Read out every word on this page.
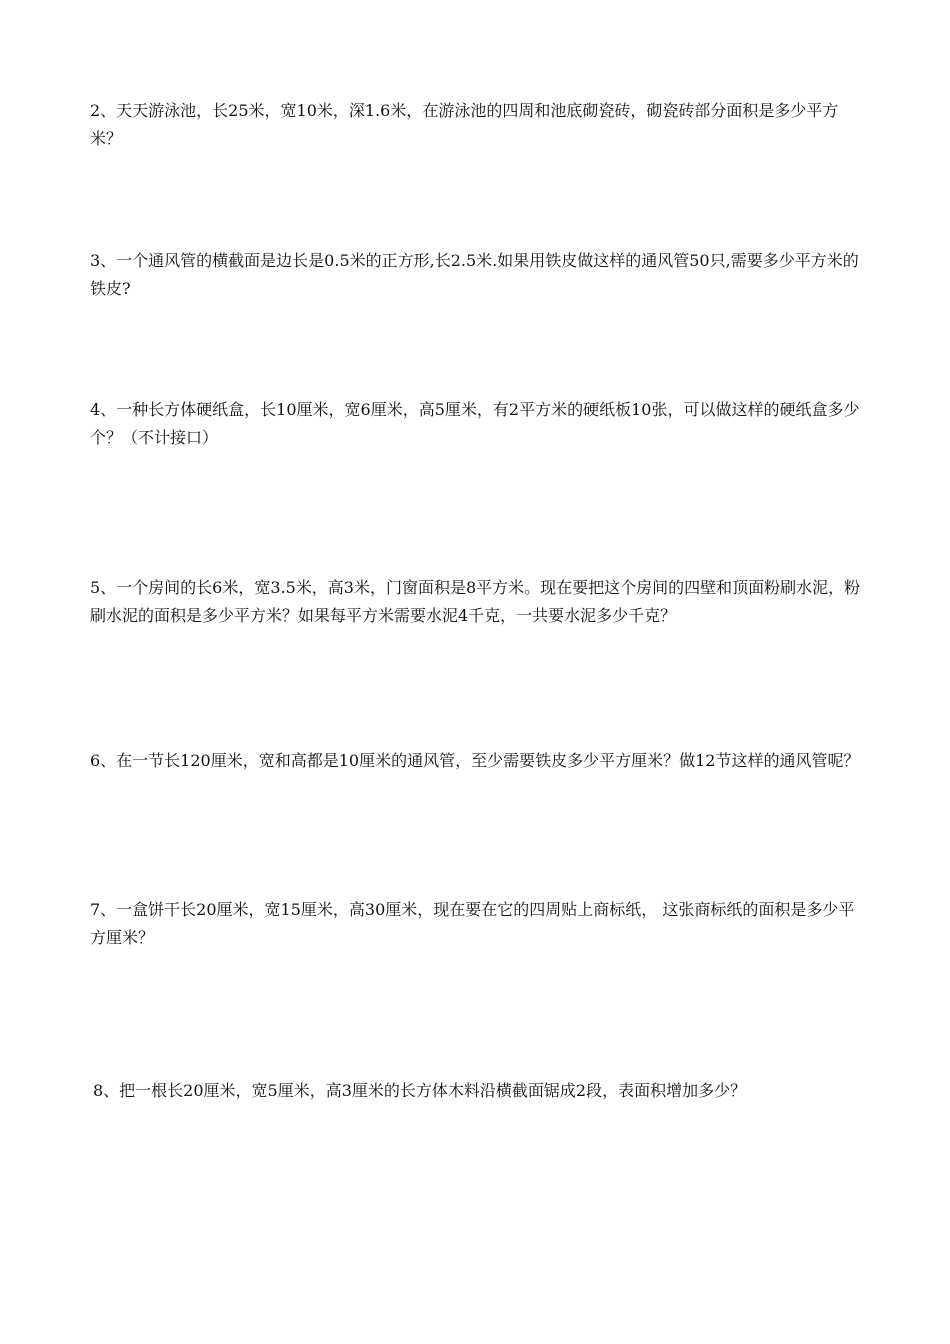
2、天天游泳池，长25米，宽10米，深1.6米，在游泳池的四周和池底砌瓷砖，砌瓷砖部分面积是多少平方米？

3、一个通风管的横截面是边长是0.5米的正方形,长2.5米.如果用铁皮做这样的通风管50只,需要多少平方米的铁皮?

4、一种长方体硬纸盒，长10厘米，宽6厘米，高5厘米，有2平方米的硬纸板10张，可以做这样的硬纸盒多少个？（不计接口）

5、一个房间的长6米，宽3.5米，高3米，门窗面积是8平方米。现在要把这个房间的四壁和顶面粉刷水泥，粉刷水泥的面积是多少平方米？如果每平方米需要水泥4千克，一共要水泥多少千克？

6、在一节长120厘米，宽和高都是10厘米的通风管，至少需要铁皮多少平方厘米？做12节这样的通风管呢？

7、一盒饼干长20厘米，宽15厘米，高30厘米，现在要在它的四周贴上商标纸， 这张商标纸的面积是多少平方厘米？

8、把一根长20厘米，宽5厘米，高3厘米的长方体木料沿横截面锯成2段，表面积增加多少？
